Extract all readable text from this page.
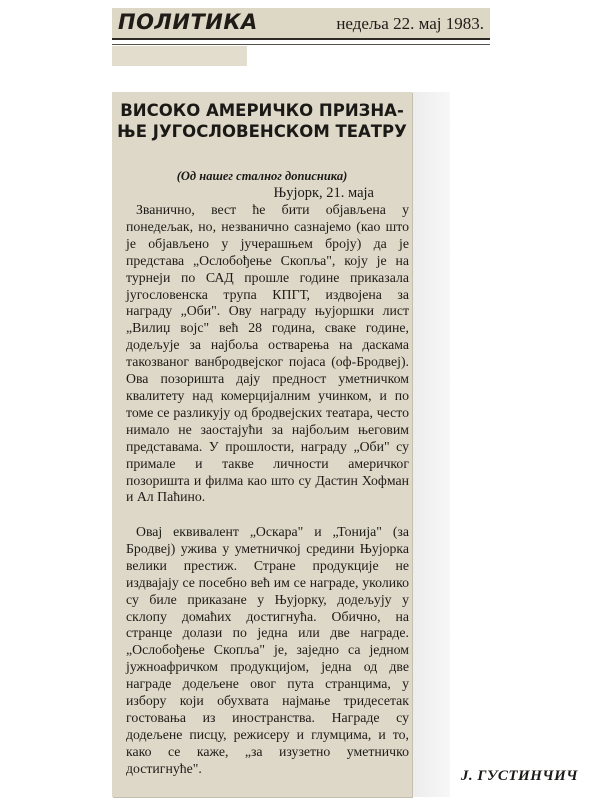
ПОЛИТИКА	недеља 22. мај 1983.
ВИСОКО АМЕРИЧКО ПРИЗНА-ЊЕ ЈУГОСЛОВЕНСКОМ ТЕАТРУ
(Од нашег сталног дописника)
Њујорк, 21. маја

Званично, вест ће бити објављена у понедељак, но, незванично сазнајемо (као што је објављено у јучерашњем броју) да је представа „Ослобођење Скопља", коју је на турнеји по САД прошле године приказала југословенска трупа КПГТ, издвојена за награду „Оби". Ову награду њујоршки лист „Вилиџ војс" већ 28 година, сваке године, додељује за најбоља остварења на даскама такозваног ванбродвејског појаса (оф-Бродвеј). Ова позоришта дају предност уметничком квалитету над комерцијалним учинком, и по томе се разликују од бродвејских театара, често нимало не заостајући за најбољим његовим представама. У прошлости, награду „Оби" су примале и такве личности америчког позоришта и филма као што су Дастин Хофман и Ал Паћино.

Овај еквивалент „Оскара" и „Тонија" (за Бродвеј) ужива у уметничкој средини Њујорка велики престиж. Стране продукције не издвајају се посебно већ им се награде, уколико су биле приказане у Њујорку, додељују у склопу домаћих достигнућа. Обично, на странце долази по једна или две награде. „Ослобођење Скопља" је, заједно са једном јужноафричком продукцијом, једна од две награде додељене овог пута странцима, у избору који обухвата најмање тридесетак гостовања из иностранства. Награде су додељене писцу, режисеру и глумцима, и то, како се каже, „за изузетно уметничко достигнуће".	Ј. ГУСТИНЧИЧ
